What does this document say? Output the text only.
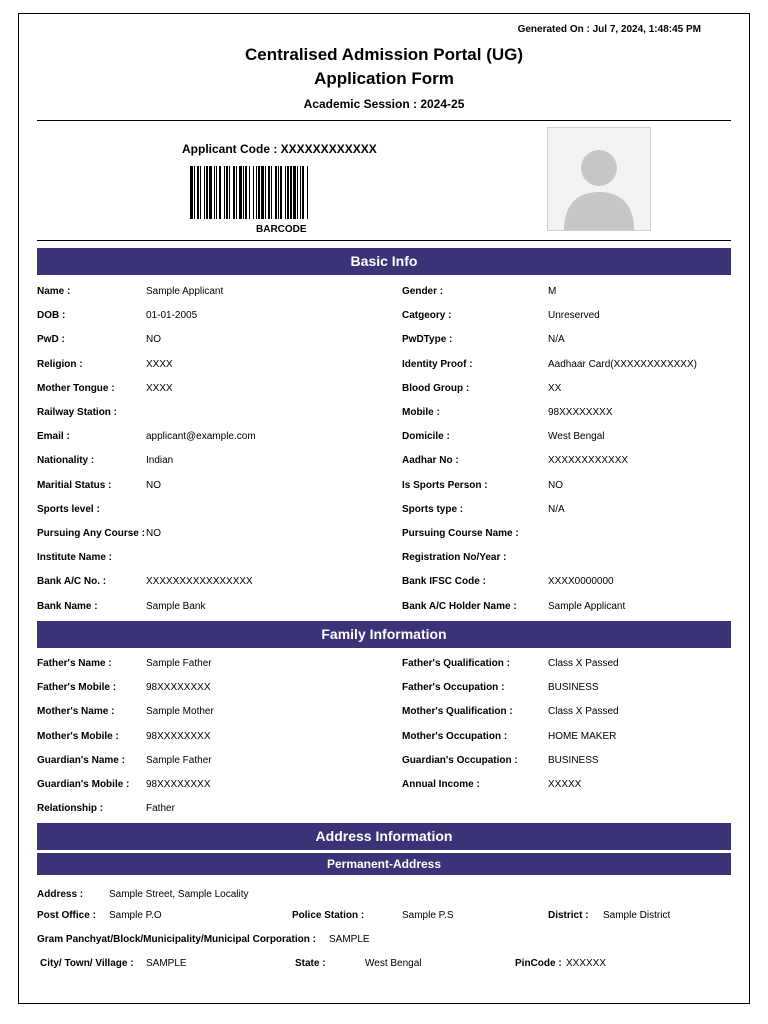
Generated On : Jul 7, 2024, 1:48:45 PM
Centralised Admission Portal (UG)
Application Form
Academic Session : 2024-25
Applicant Code : XXXXXXXXXXXX
BARCODE
Basic Info
Name :	Sample Applicant	Gender :	M
DOB :	01-01-2005	Catgeory :	Unreserved
PwD :	NO	PwDType :	N/A
Religion :	XXXX	Identity Proof :	Aadhaar Card(XXXXXXXXXXXX)
Mother Tongue :	XXXX	Blood Group :	XX
Railway Station :	Mobile :	98XXXXXXXX
Email :	applicant@example.com	Domicile :	West Bengal
Nationality :	Indian	Aadhar No :	XXXXXXXXXXXX
Maritial Status :	NO	Is Sports Person :	NO
Sports level :	Sports type :	N/A
Pursuing Any Course : NO	Pursuing Course Name :
Institute Name :	Registration No/Year :
Bank A/C No. :	XXXXXXXXXXXXXXXX	Bank IFSC Code :	XXXX0000000
Bank Name :	Sample Bank	Bank A/C Holder Name :	Sample Applicant
Family Information
Father's Name :	Sample Father	Father's Qualification :	Class X Passed
Father's Mobile :	98XXXXXXXX	Father's Occupation :	BUSINESS
Mother's Name :	Sample Mother	Mother's Qualification :	Class X Passed
Mother's Mobile :	98XXXXXXXX	Mother's Occupation :	HOME MAKER
Guardian's Name : Sample Father	Guardian's Occupation :	BUSINESS
Guardian's Mobile : 98XXXXXXXX	Annual Income :	XXXXX
Relationship :	Father
Address Information
Permanent-Address
Address :	Sample Street, Sample Locality
Post Office : Sample P.O	Police Station :	Sample P.S	District : Sample District
Gram Panchyat/Block/Municipality/Municipal Corporation : SAMPLE
City/ Town/ Village : SAMPLE	State :	West Bengal	PinCode : XXXXXX
